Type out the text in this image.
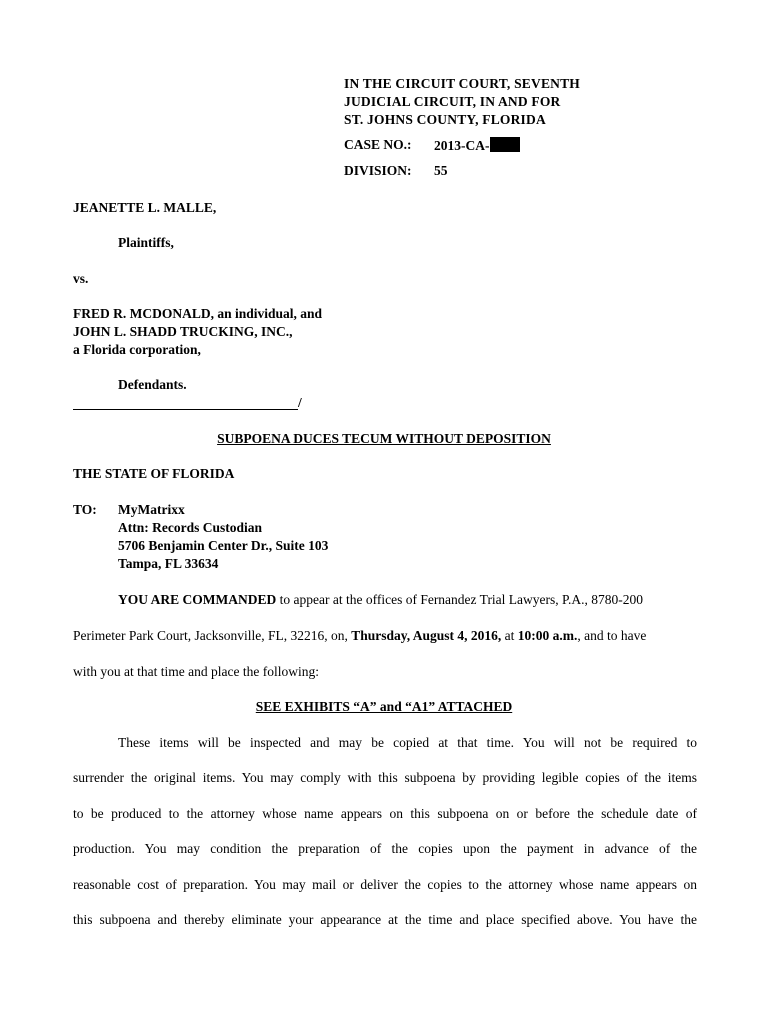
IN THE CIRCUIT COURT, SEVENTH
JUDICIAL CIRCUIT, IN AND FOR
ST. JOHNS COUNTY, FLORIDA
CASE NO.: 2013-CA-
DIVISION: 55
JEANETTE L. MALLE,
Plaintiffs,
vs.
FRED R. MCDONALD, an individual, and
JOHN L. SHADD TRUCKING, INC.,
a Florida corporation,
Defendants.
/
SUBPOENA DUCES TECUM WITHOUT DEPOSITION
THE STATE OF FLORIDA
TO: MyMatrixx
Attn: Records Custodian
5706 Benjamin Center Dr., Suite 103
Tampa, FL 33634
YOU ARE COMMANDED to appear at the offices of Fernandez Trial Lawyers, P.A., 8780-200
Perimeter Park Court, Jacksonville, FL, 32216, on, Thursday, August 4, 2016, at 10:00 a.m., and to have
with you at that time and place the following:
SEE EXHIBITS “A” and “A1” ATTACHED
These items will be inspected and may be copied at that time. You will not be required to
surrender the original items. You may comply with this subpoena by providing legible copies of the items
to be produced to the attorney whose name appears on this subpoena on or before the schedule date of
production. You may condition the preparation of the copies upon the payment in advance of the
reasonable cost of preparation. You may mail or deliver the copies to the attorney whose name appears on
this subpoena and thereby eliminate your appearance at the time and place specified above. You have the
